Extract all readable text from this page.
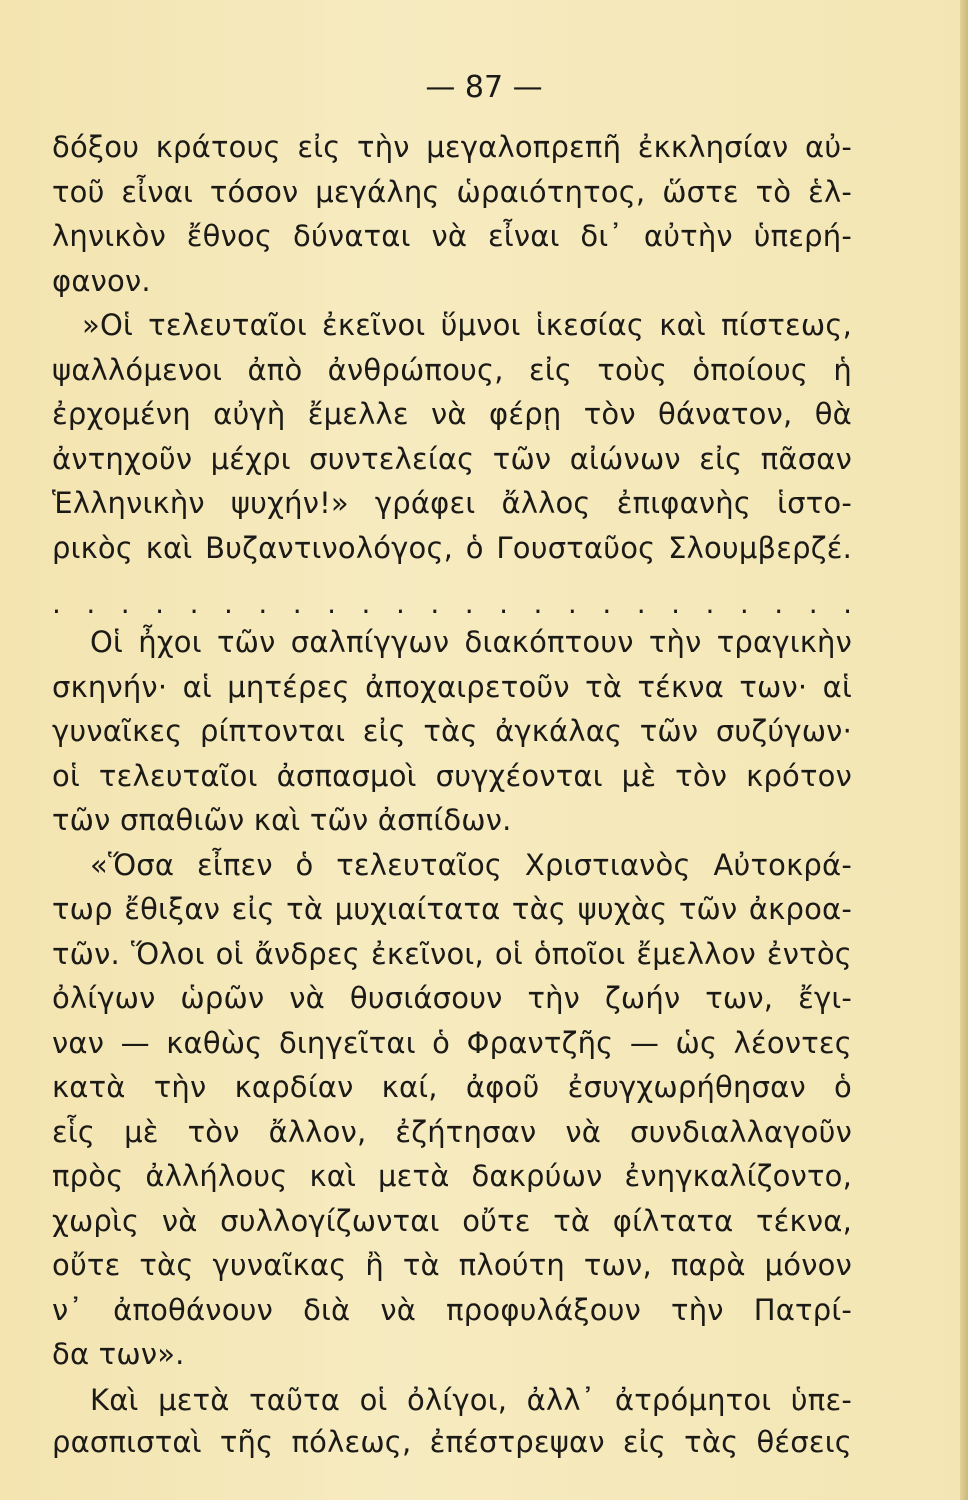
— 87 —
δόξου κράτους εἰς τὴν μεγαλοπρεπῆ ἐκκλησίαν αὐ-
τοῦ εἶναι τόσον μεγάλης ὡραιότητος, ὥστε τὸ ἑλ-
ληνικὸν ἔθνος δύναται νὰ εἶναι δι᾽ αὐτὴν ὑπερή-
φανον.
»Οἱ τελευταῖοι ἐκεῖνοι ὕμνοι ἱκεσίας καὶ πίστεως,
ψαλλόμενοι ἀπὸ ἀνθρώπους, εἰς τοὺς ὁποίους ἡ
ἐρχομένη αὐγὴ ἔμελλε νὰ φέρῃ τὸν θάνατον, θὰ
ἀντηχοῦν μέχρι συντελείας τῶν αἰώνων εἰς πᾶσαν
Ἑλληνικὴν ψυχήν!» γράφει ἄλλος ἐπιφανὴς ἱστο-
ρικὸς καὶ Βυζαντινολόγος, ὁ Γουσταῦος Σλουμβερζέ.
. . . . . . . . . . . . . . . . . . . . . . . .
Οἱ ἦχοι τῶν σαλπίγγων διακόπτουν τὴν τραγικὴν
σκηνήν· αἱ μητέρες ἀποχαιρετοῦν τὰ τέκνα των· αἱ
γυναῖκες ρίπτονται εἰς τὰς ἀγκάλας τῶν συζύγων·
οἱ τελευταῖοι ἀσπασμοὶ συγχέονται μὲ τὸν κρότον
τῶν σπαθιῶν καὶ τῶν ἀσπίδων.
«Ὅσα εἶπεν ὁ τελευταῖος Χριστιανὸς Αὐτοκρά-
τωρ ἔθιξαν εἰς τὰ μυχιαίτατα τὰς ψυχὰς τῶν ἀκροα-
τῶν. Ὅλοι οἱ ἄνδρες ἐκεῖνοι, οἱ ὁποῖοι ἔμελλον ἐντὸς
ὀλίγων ὡρῶν νὰ θυσιάσουν τὴν ζωήν των, ἔγι-
ναν — καθὼς διηγεῖται ὁ Φραντζῆς — ὡς λέοντες
κατὰ τὴν καρδίαν καί, ἀφοῦ ἐσυγχωρήθησαν ὁ
εἷς μὲ τὸν ἄλλον, ἐζήτησαν νὰ συνδιαλλαγοῦν
πρὸς ἀλλήλους καὶ μετὰ δακρύων ἐνηγκαλίζοντο,
χωρὶς νὰ συλλογίζωνται οὔτε τὰ φίλτατα τέκνα,
οὔτε τὰς γυναῖκας ἢ τὰ πλούτη των, παρὰ μόνον
ν᾽ ἀποθάνουν διὰ νὰ προφυλάξουν τὴν Πατρί-
δα των».
Καὶ μετὰ ταῦτα οἱ ὀλίγοι, ἀλλ᾽ ἀτρόμητοι ὑπε-
ρασπισταὶ τῆς πόλεως, ἐπέστρεψαν εἰς τὰς θέσεις
